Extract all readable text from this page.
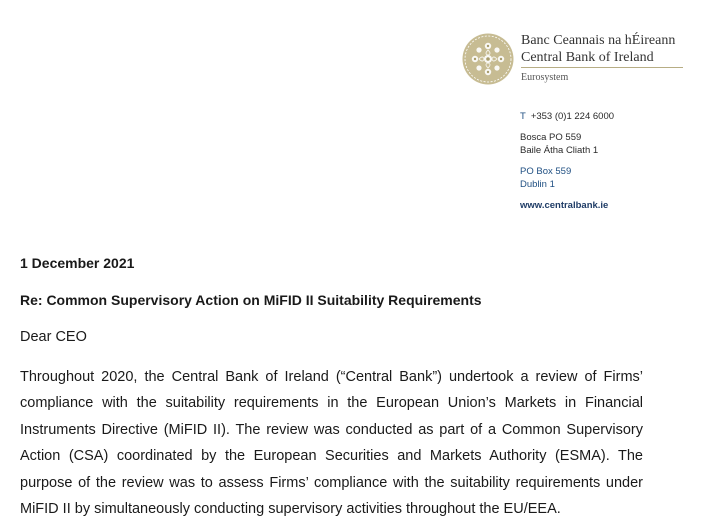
Banc Ceannais na hÉireann
Central Bank of Ireland
Eurosystem
T +353 (0)1 224 6000
Bosca PO 559
Baile Átha Cliath 1
PO Box 559
Dublin 1
www.centralbank.ie
1 December 2021
Re: Common Supervisory Action on MiFID II Suitability Requirements
Dear CEO
Throughout 2020, the Central Bank of Ireland (“Central Bank”) undertook a review of Firms’ compliance with the suitability requirements in the European Union’s Markets in Financial Instruments Directive (MiFID II). The review was conducted as part of a Common Supervisory Action (CSA) coordinated by the European Securities and Markets Authority (ESMA). The purpose of the review was to assess Firms’ compliance with the suitability requirements under MiFID II by simultaneously conducting supervisory activities throughout the EU/EEA.
